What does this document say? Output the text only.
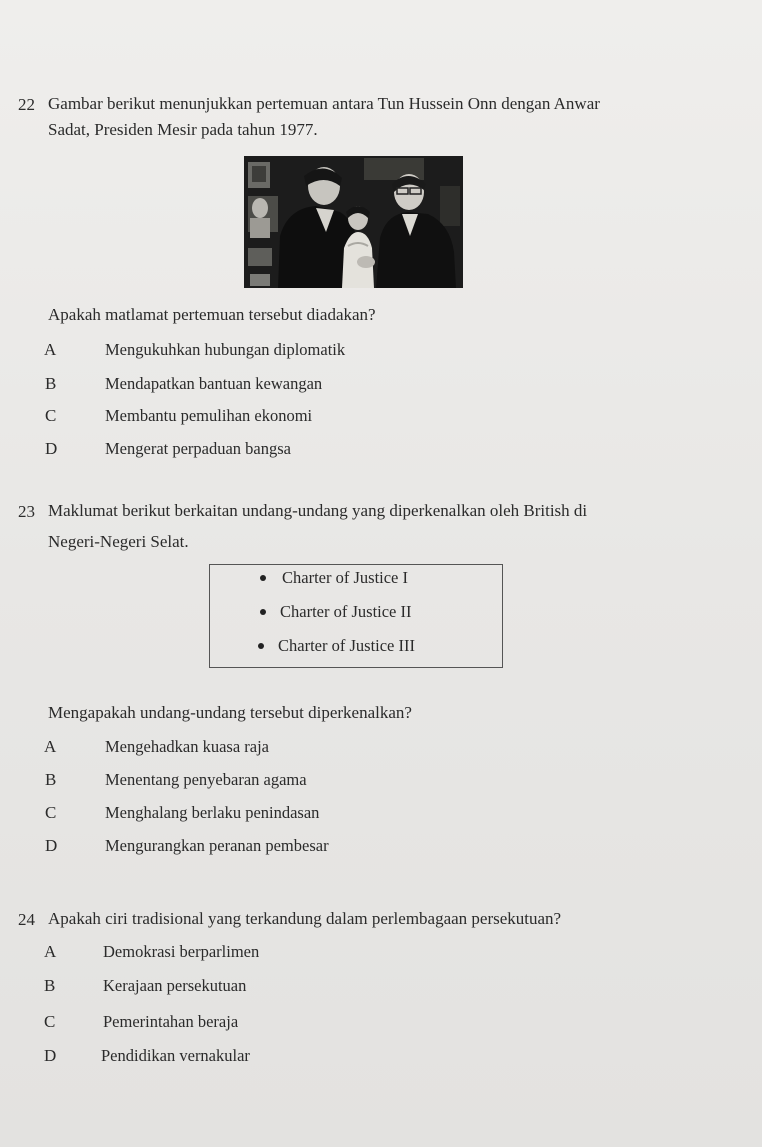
22 Gambar berikut menunjukkan pertemuan antara Tun Hussein Onn dengan Anwar
Sadat, Presiden Mesir pada tahun 1977.
Apakah matlamat pertemuan tersebut diadakan?
A	Mengukuhkan hubungan diplomatik
B	Mendapatkan bantuan kewangan
C	Membantu pemulihan ekonomi
D	Mengerat perpaduan bangsa
23 Maklumat berikut berkaitan undang-undang yang diperkenalkan oleh British di
Negeri-Negeri Selat.
Charter of Justice I
Charter of Justice II
Charter of Justice III
Mengapakah undang-undang tersebut diperkenalkan?
A	Mengehadkan kuasa raja
B	Menentang penyebaran agama
C	Menghalang berlaku penindasan
D	Mengurangkan peranan pembesar
24 Apakah ciri tradisional yang terkandung dalam perlembagaan persekutuan?
A	Demokrasi berparlimen
B	Kerajaan persekutuan
C	Pemerintahan beraja
D	Pendidikan vernakular
